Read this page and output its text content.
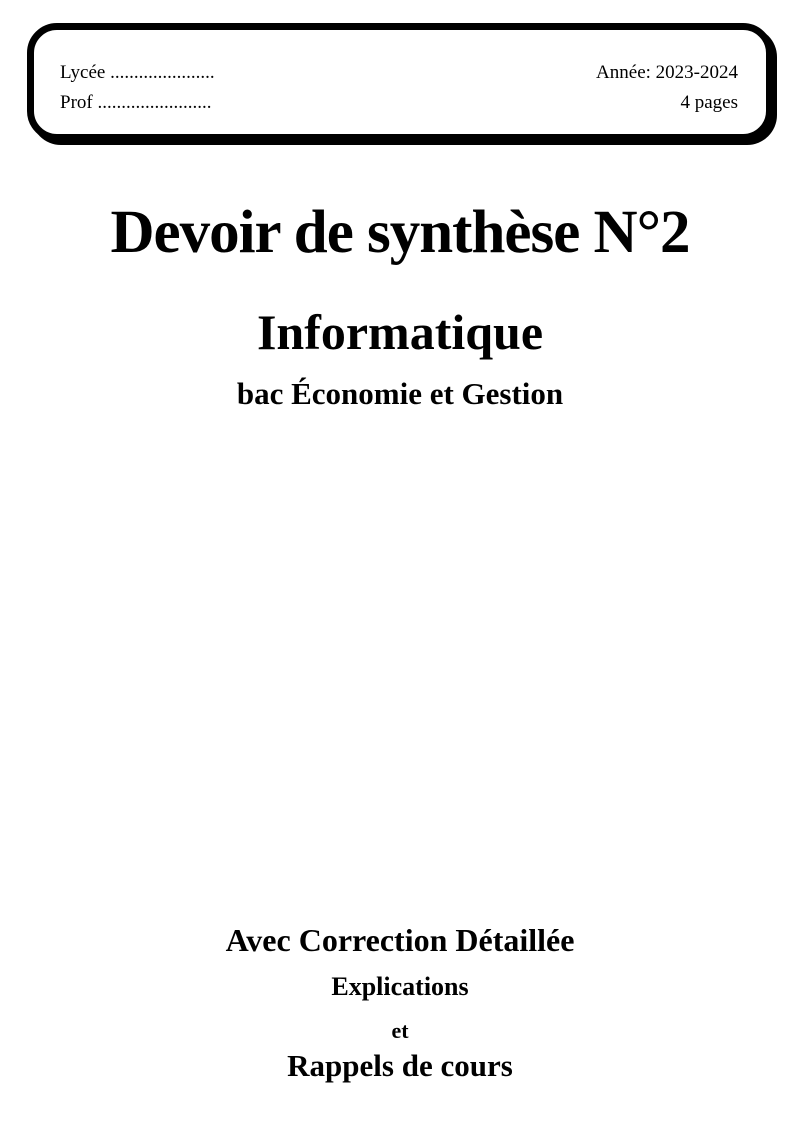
Lycée ......................	Année: 2023-2024
Prof ........................	4 pages
Devoir de synthèse N°2
Informatique
bac Économie et Gestion
Avec Correction Détaillée
Explications
et
Rappels de cours
